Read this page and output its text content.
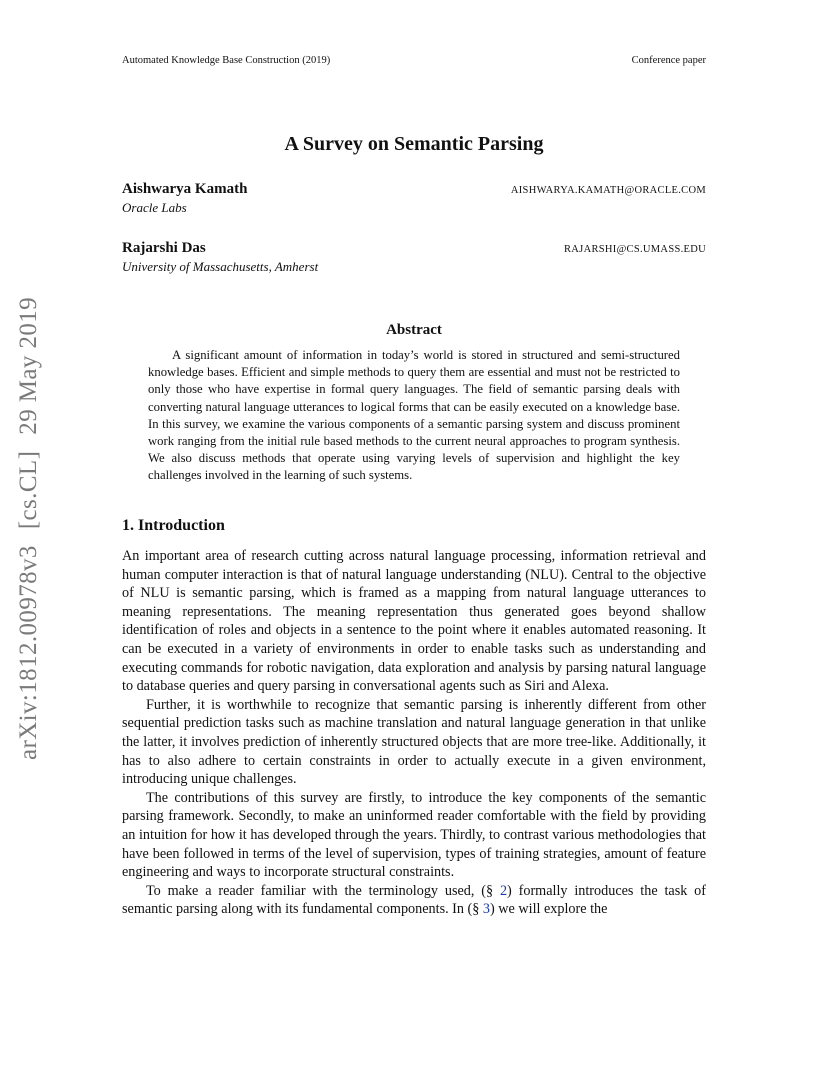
Automated Knowledge Base Construction (2019)	Conference paper
arXiv:1812.00978v3[cs.CL]29 May 2019
A Survey on Semantic Parsing
Aishwarya Kamath	AISHWARYA.KAMATH@ORACLE.COM
Oracle Labs
Rajarshi Das	RAJARSHI@CS.UMASS.EDU
University of Massachusetts, Amherst
Abstract

A significant amount of information in today’s world is stored in structured and semi-structured knowledge bases. Efficient and simple methods to query them are essential and must not be restricted to only those who have expertise in formal query languages. The field of semantic parsing deals with converting natural language utterances to logical forms that can be easily executed on a knowledge base. In this survey, we examine the various components of a semantic parsing system and discuss prominent work ranging from the initial rule based methods to the current neural approaches to program synthesis. We also discuss methods that operate using varying levels of supervision and highlight the key challenges involved in the learning of such systems.

1. Introduction

An important area of research cutting across natural language processing, information retrieval and human computer interaction is that of natural language understanding (NLU). Central to the objective of NLU is semantic parsing, which is framed as a mapping from natural language utterances to meaning representations. The meaning representation thus generated goes beyond shallow identification of roles and objects in a sentence to the point where it enables automated reasoning. It can be executed in a variety of environments in order to enable tasks such as understanding and executing commands for robotic navigation, data exploration and analysis by parsing natural language to database queries and query parsing in conversational agents such as Siri and Alexa.

Further, it is worthwhile to recognize that semantic parsing is inherently different from other sequential prediction tasks such as machine translation and natural language generation in that unlike the latter, it involves prediction of inherently structured objects that are more tree-like. Additionally, it has to also adhere to certain constraints in order to actually execute in a given environment, introducing unique challenges.

The contributions of this survey are firstly, to introduce the key components of the semantic parsing framework. Secondly, to make an uninformed reader comfortable with the field by providing an intuition for how it has developed through the years. Thirdly, to contrast various methodologies that have been followed in terms of the level of supervision, types of training strategies, amount of feature engineering and ways to incorporate structural constraints.

To make a reader familiar with the terminology used, (§ 2) formally introduces the task of semantic parsing along with its fundamental components. In (§ 3) we will explore the
